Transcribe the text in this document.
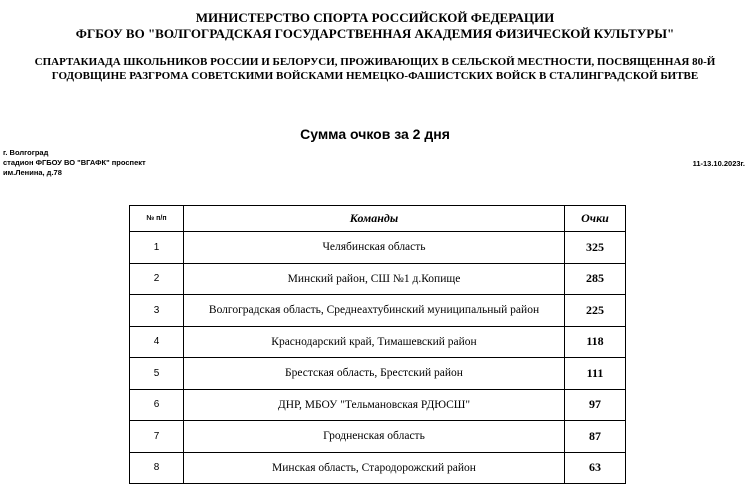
МИНИСТЕРСТВО СПОРТА РОССИЙСКОЙ ФЕДЕРАЦИИ
ФГБОУ ВО "ВОЛГОГРАДСКАЯ ГОСУДАРСТВЕННАЯ АКАДЕМИЯ ФИЗИЧЕСКОЙ КУЛЬТУРЫ"
СПАРТАКИАДА ШКОЛЬНИКОВ РОССИИ И БЕЛОРУСИ, ПРОЖИВАЮЩИХ В СЕЛЬСКОЙ МЕСТНОСТИ, ПОСВЯЩЕННАЯ 80-Й
ГОДОВЩИНЕ РАЗГРОМА СОВЕТСКИМИ ВОЙСКАМИ НЕМЕЦКО-ФАШИСТСКИХ ВОЙСК В СТАЛИНГРАДСКОЙ БИТВЕ
Сумма очков за 2 дня
г. Волгоград
стадион ФГБОУ ВО "ВГАФК" проспект
им.Ленина, д.78
11-13.10.2023г.
№ п/п	Команды	Очки
1	Челябинская область	325
2	Минский район, СШ №1 д.Копище	285
3	Волгоградская область, Среднеахтубинский муниципальный район	225
4	Краснодарский край, Тимашевский район	118
5	Брестская область, Брестский район	111
6	ДНР, МБОУ "Тельмановская РДЮСШ"	97
7	Гродненская область	87
8	Минская область, Стародорожский район	63
